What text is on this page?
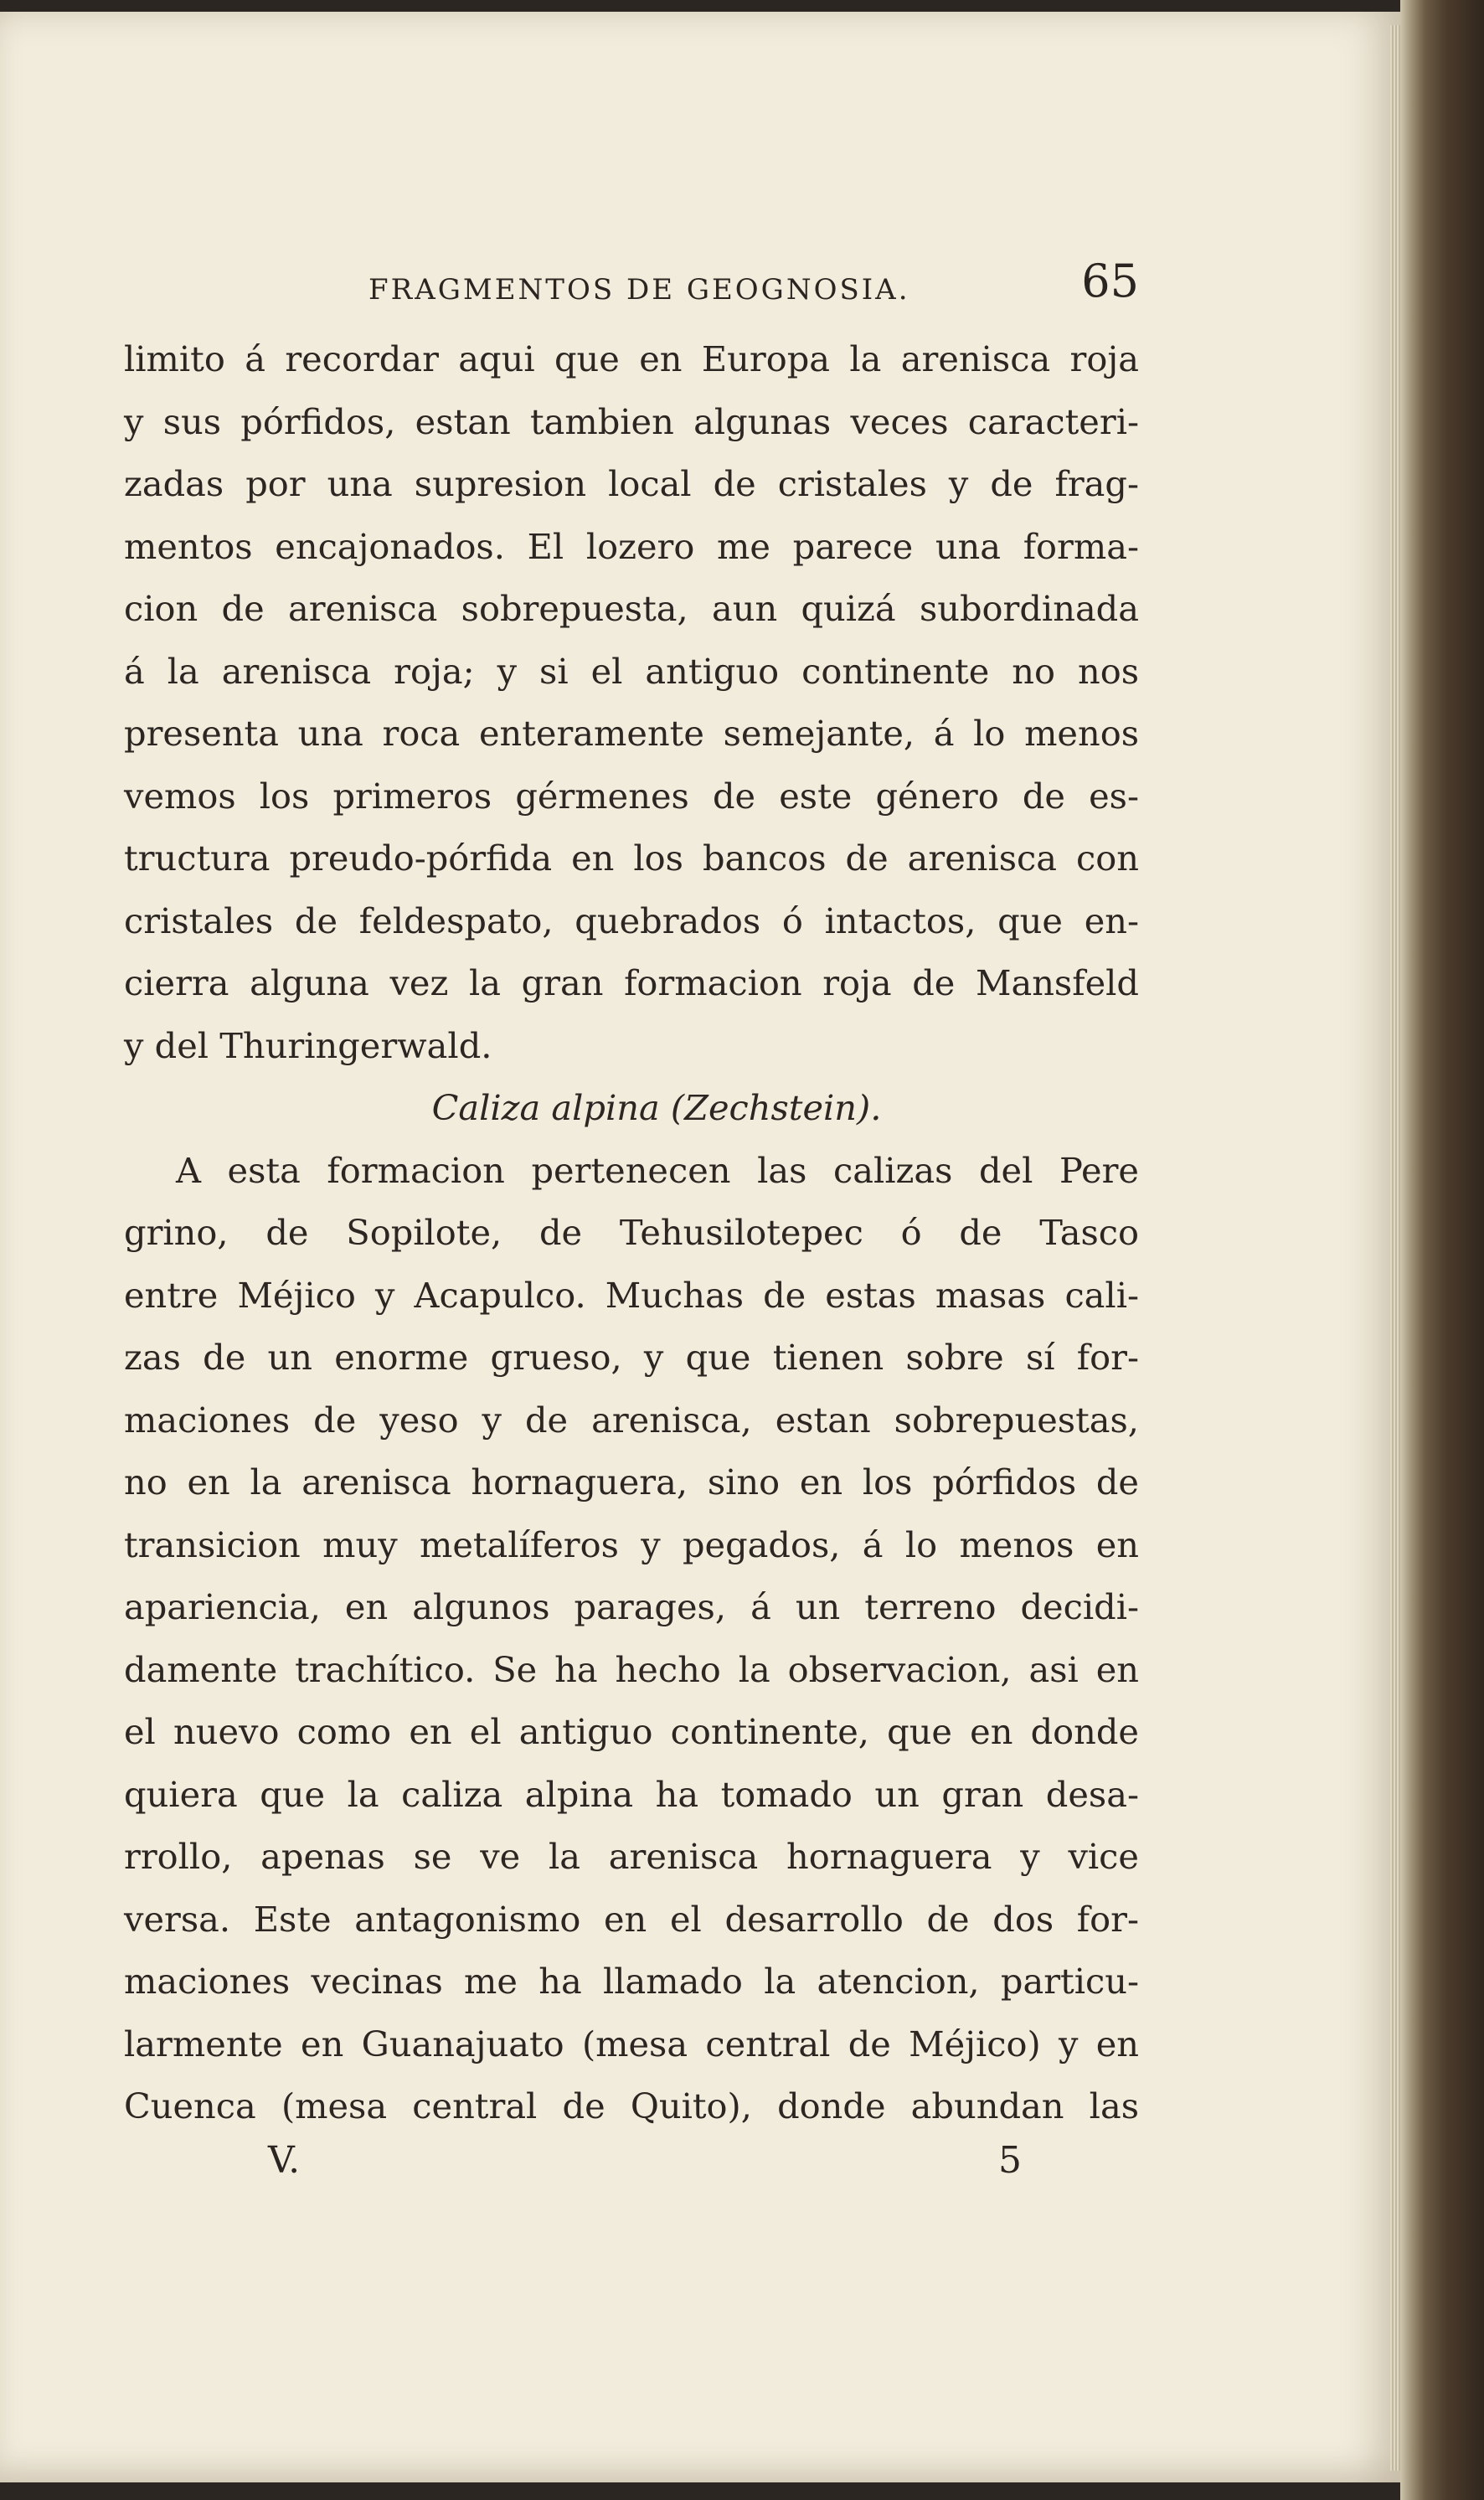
FRAGMENTOS DE GEOGNOSIA.	65
limito á recordar aqui que en Europa la arenisca roja
y sus pórfidos, estan tambien algunas veces caracteri-
zadas por una supresion local de cristales y de frag-
mentos encajonados. El lozero me parece una forma-
cion de arenisca sobrepuesta, aun quizá subordinada
á la arenisca roja; y si el antiguo continente no nos
presenta una roca enteramente semejante, á lo menos
vemos los primeros gérmenes de este género de es-
tructura preudo-pórfida en los bancos de arenisca con
cristales de feldespato, quebrados ó intactos, que en-
cierra alguna vez la gran formacion roja de Mansfeld
y del Thuringerwald.
Caliza alpina (Zechstein).
A esta formacion pertenecen las calizas del Pere
grino, de Sopilote, de Tehusilotepec ó de Tasco
entre Méjico y Acapulco. Muchas de estas masas cali-
zas de un enorme grueso, y que tienen sobre sí for-
maciones de yeso y de arenisca, estan sobrepuestas,
no en la arenisca hornaguera, sino en los pórfidos de
transicion muy metalíferos y pegados, á lo menos en
apariencia, en algunos parages, á un terreno decidi-
damente trachítico. Se ha hecho la observacion, asi en
el nuevo como en el antiguo continente, que en donde
quiera que la caliza alpina ha tomado un gran desa-
rrollo, apenas se ve la arenisca hornaguera y vice
versa. Este antagonismo en el desarrollo de dos for-
maciones vecinas me ha llamado la atencion, particu-
larmente en Guanajuato (mesa central de Méjico) y en
Cuenca (mesa central de Quito), donde abundan las
V.	5
